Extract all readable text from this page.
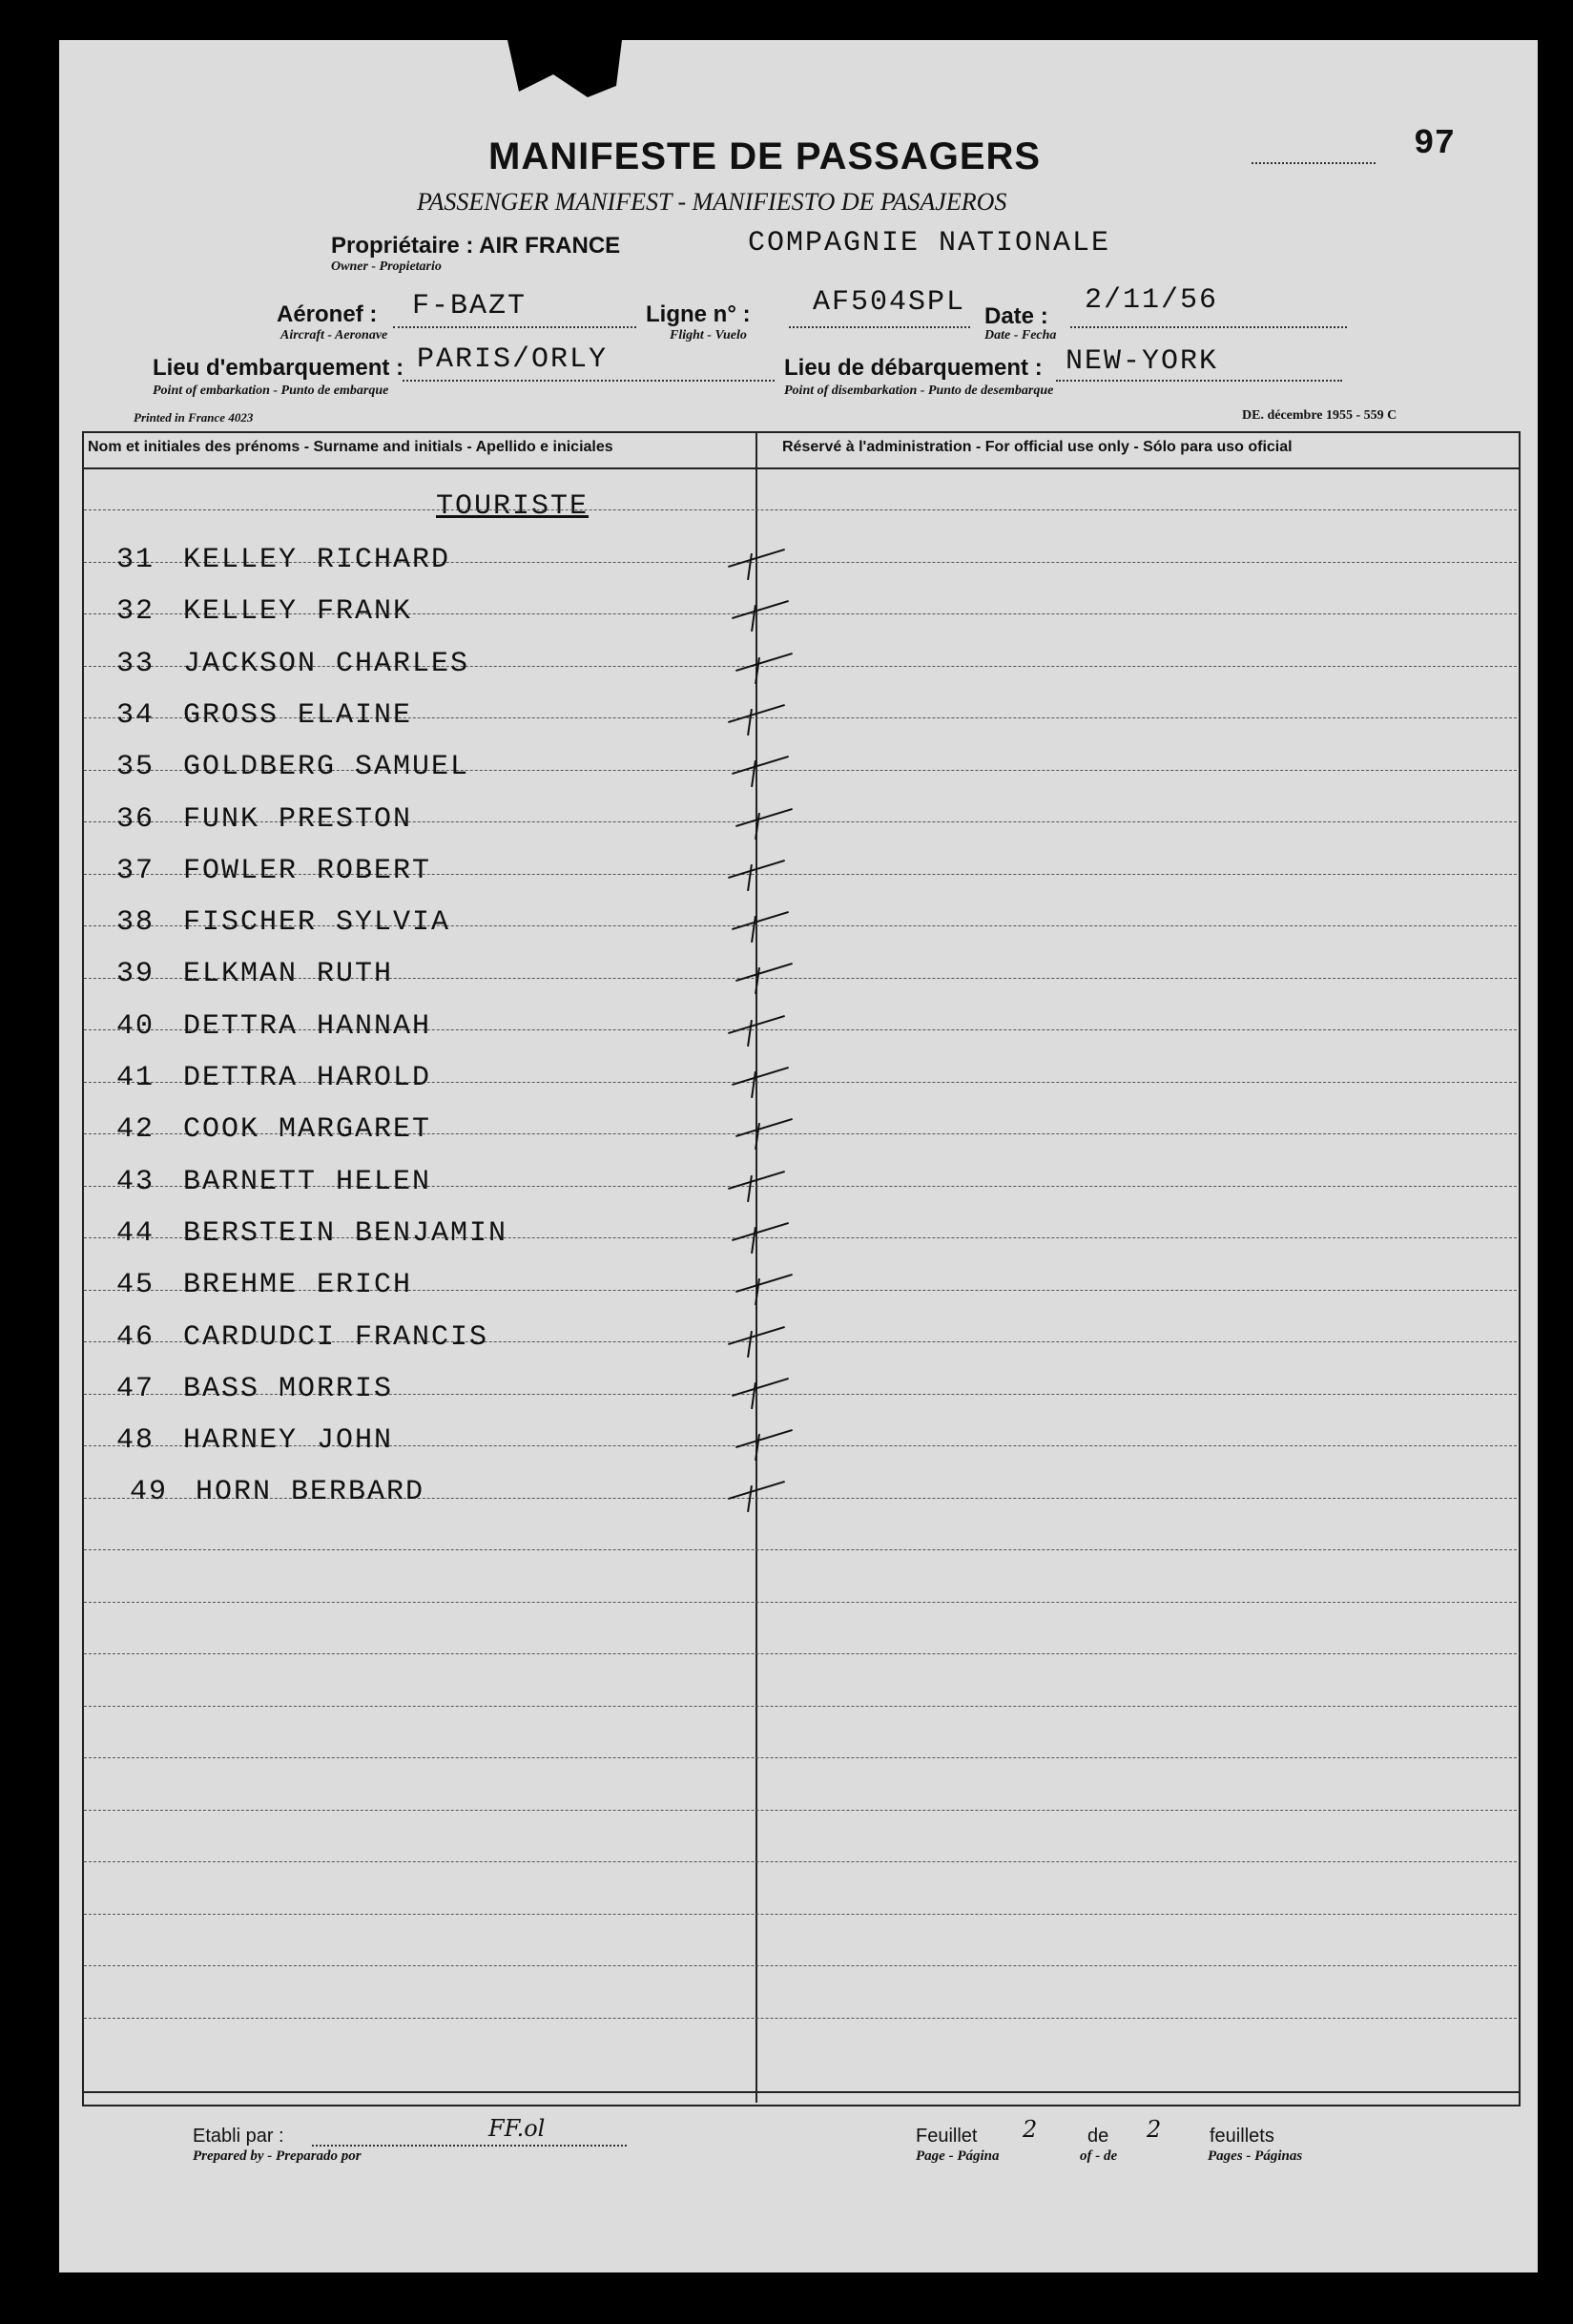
97
MANIFESTE DE PASSAGERS
PASSENGER MANIFEST - MANIFIESTO DE PASAJEROS
Propriétaire : AIR FRANCE	COMPAGNIE NATIONALE
Owner - Propietario
Aéronef : F-BAZT
Aircraft - Aeronave
Ligne n° : AF504SPL
Flight - Vuelo
Date : 2/11/56
Date - Fecha
Lieu d'embarquement : PARIS/ORLY
Point of embarkation - Punto de embarque
Lieu de débarquement : NEW-YORK
Point of disembarkation - Punto de desembarque
Printed in France 4023	DE. décembre 1955 - 559 C
Nom et initiales des prénoms - Surname and initials - Apellido e iniciales	Réservé à l'administration - For official use only - Sólo para uso oficial
TOURISTE
31 KELLEY RICHARD
32 KELLEY FRANK
33 JACKSON CHARLES
34 GROSS ELAINE
35 GOLDBERG SAMUEL
36 FUNK PRESTON
37 FOWLER ROBERT
38 FISCHER SYLVIA
39 ELKMAN RUTH
40 DETTRA HANNAH
41 DETTRA HAROLD
42 COOK MARGARET
43 BARNETT HELEN
44 BERSTEIN BENJAMIN
45 BREHME ERICH
46 CARDUDCI FRANCIS
47 BASS MORRIS
48 HARNEY JOHN
49 HORN BERBARD
Etabli par :	FF.ol
Prepared by - Preparado por
Feuillet 2	de 2	feuillets
Page - Página	of - de	Pages - Páginas
